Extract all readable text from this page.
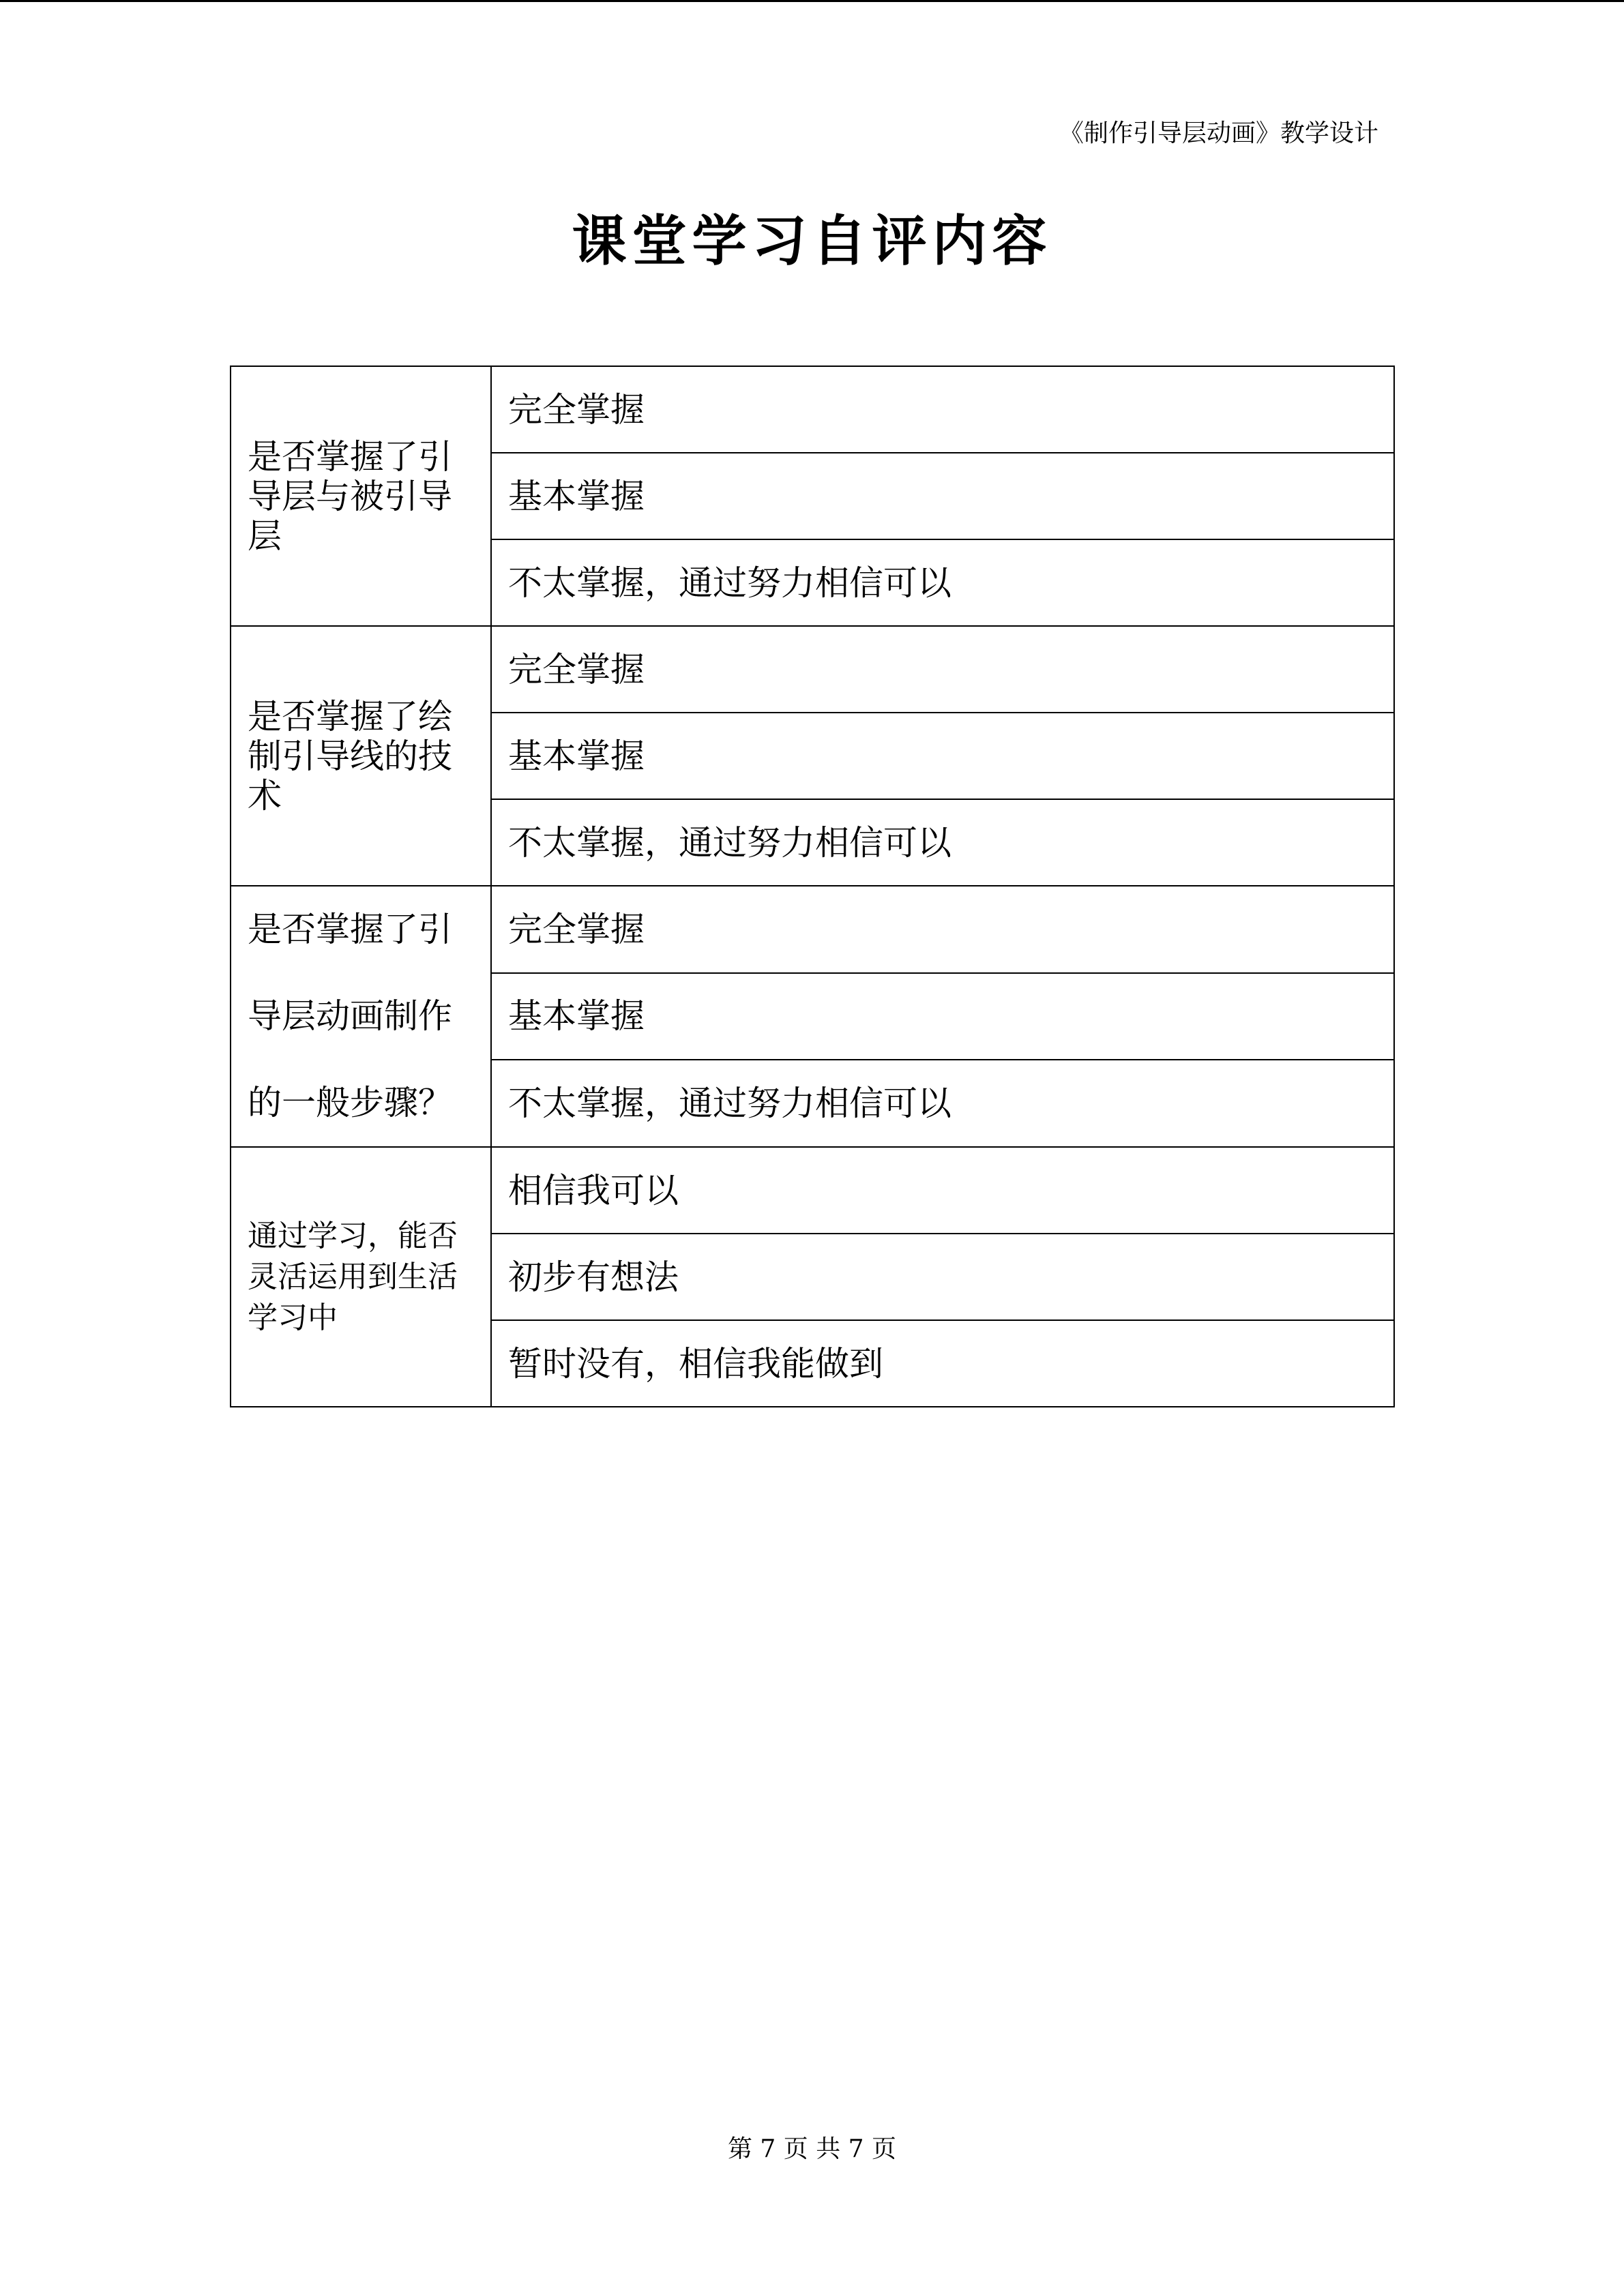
《制作引导层动画》教学设计
课堂学习自评内容
是否掌握了引导层与被引导层	完全掌握
	基本掌握
	不太掌握，通过努力相信可以
是否掌握了绘制引导线的技术	完全掌握
	基本掌握
	不太掌握，通过努力相信可以
是否掌握了引导层动画制作的一般步骤？	完全掌握
	基本掌握
	不太掌握，通过努力相信可以
通过学习，能否灵活运用到生活学习中	相信我可以
	初步有想法
	暂时没有，相信我能做到
第 7 页 共 7 页
